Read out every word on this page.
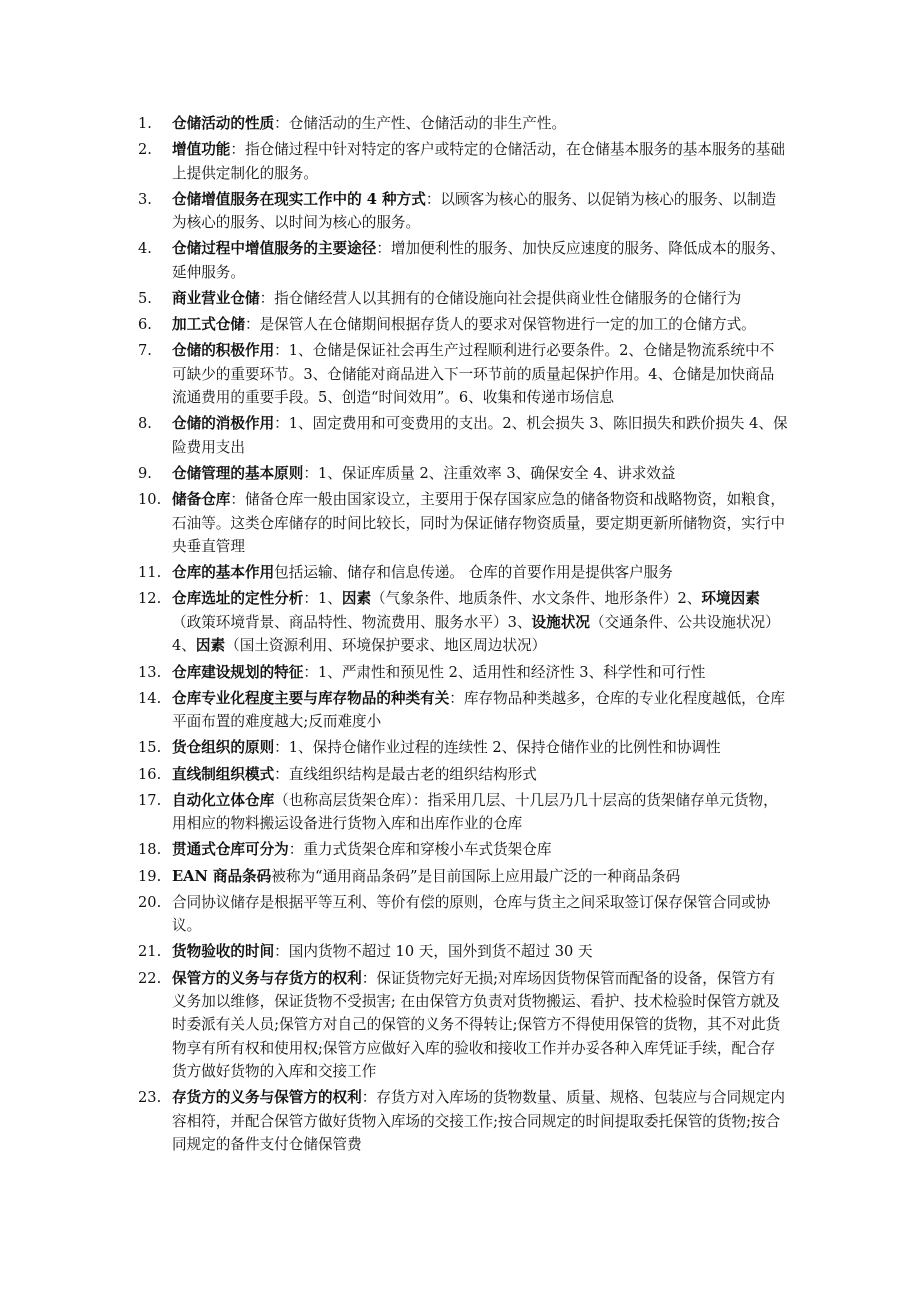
1.	仓储活动的性质：仓储活动的生产性、仓储活动的非生产性。
2.	增值功能：指仓储过程中针对特定的客户或特定的仓储活动，在仓储基本服务的基本服务的基础上提供定制化的服务。
3.	仓储增值服务在现实工作中的 4 种方式：以顾客为核心的服务、以促销为核心的服务、以制造为核心的服务、以时间为核心的服务。
4.	仓储过程中增值服务的主要途径：增加便利性的服务、加快反应速度的服务、降低成本的服务、延伸服务。
5.	商业营业仓储：指仓储经营人以其拥有的仓储设施向社会提供商业性仓储服务的仓储行为
6.	加工式仓储：是保管人在仓储期间根据存货人的要求对保管物进行一定的加工的仓储方式。
7.	仓储的积极作用：1、仓储是保证社会再生产过程顺利进行必要条件。2、仓储是物流系统中不可缺少的重要环节。3、仓储能对商品进入下一环节前的质量起保护作用。4、仓储是加快商品流通费用的重要手段。5、创造“时间效用”。6、收集和传递市场信息
8.	仓储的消极作用：1、固定费用和可变费用的支出。2、机会损失 3、陈旧损失和跌价损失 4、保险费用支出
9.	仓储管理的基本原则：1、保证库质量 2、注重效率 3、确保安全 4、讲求效益
10. 储备仓库：储备仓库一般由国家设立，主要用于保存国家应急的储备物资和战略物资，如粮食，石油等。这类仓库储存的时间比较长，同时为保证储存物资质量，要定期更新所储物资，实行中央垂直管理
11. 仓库的基本作用包括运输、储存和信息传递。 仓库的首要作用是提供客户服务
12. 仓库选址的定性分析：1、因素（气象条件、地质条件、水文条件、地形条件）2、环境因素（政策环境背景、商品特性、物流费用、服务水平）3、设施状况（交通条件、公共设施状况）4、因素（国土资源利用、环境保护要求、地区周边状况）
13. 仓库建设规划的特征：1、严肃性和预见性 2、适用性和经济性 3、科学性和可行性
14. 仓库专业化程度主要与库存物品的种类有关：库存物品种类越多，仓库的专业化程度越低，仓库平面布置的难度越大;反而难度小
15. 货仓组织的原则：1、保持仓储作业过程的连续性 2、保持仓储作业的比例性和协调性
16. 直线制组织模式：直线组织结构是最古老的组织结构形式
17. 自动化立体仓库（也称高层货架仓库）：指采用几层、十几层乃几十层高的货架储存单元货物，用相应的物料搬运设备进行货物入库和出库作业的仓库
18. 贯通式仓库可分为：重力式货架仓库和穿梭小车式货架仓库
19. EAN 商品条码被称为“通用商品条码”是目前国际上应用最广泛的一种商品条码
20. 合同协议储存是根据平等互利、等价有偿的原则，仓库与货主之间采取签订保存保管合同或协议。
21. 货物验收的时间：国内货物不超过 10 天，国外到货不超过 30 天
22. 保管方的义务与存货方的权利：保证货物完好无损;对库场因货物保管而配备的设备，保管方有义务加以维修，保证货物不受损害; 在由保管方负责对货物搬运、看护、技术检验时保管方就及时委派有关人员;保管方对自己的保管的义务不得转让;保管方不得使用保管的货物，其不对此货物享有所有权和使用权;保管方应做好入库的验收和接收工作并办妥各种入库凭证手续，配合存货方做好货物的入库和交接工作
23. 存货方的义务与保管方的权利：存货方对入库场的货物数量、质量、规格、包装应与合同规定内容相符，并配合保管方做好货物入库场的交接工作;按合同规定的时间提取委托保管的货物;按合同规定的备件支付仓储保管费
